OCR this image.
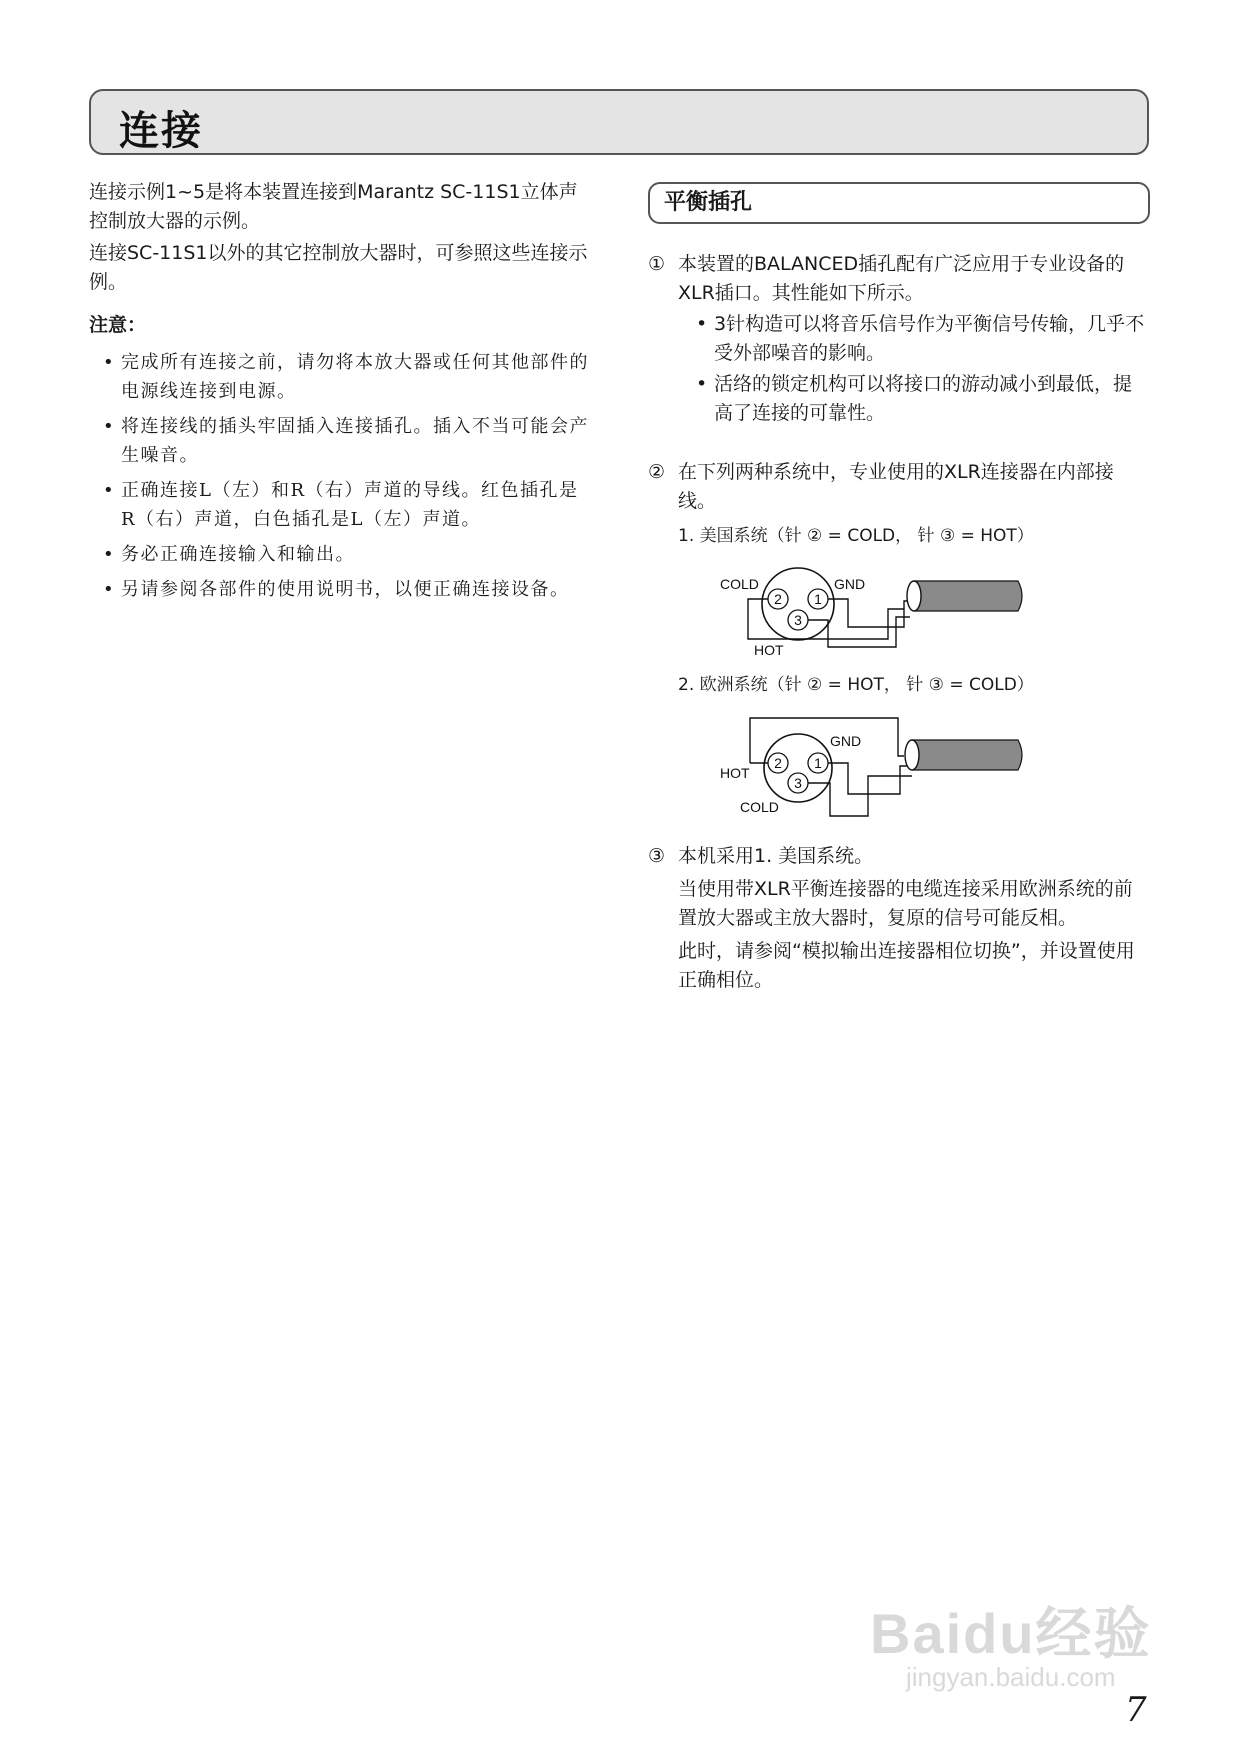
连接

连接示例1~5是将本装置连接到Marantz SC-11S1立体声控制放大器的示例。

连接SC-11S1以外的其它控制放大器时，可参照这些连接示例。

注意：
• 完成所有连接之前，请勿将本放大器或任何其他部件的电源线连接到电源。
• 将连接线的插头牢固插入连接插孔。插入不当可能会产生噪音。
• 正确连接L（左）和R（右）声道的导线。红色插孔是R（右）声道，白色插孔是L（左）声道。
• 务必正确连接输入和输出。
• 另请参阅各部件的使用说明书，以便正确连接设备。
平衡插孔
① 本装置的BALANCED插孔配有广泛应用于专业设备的XLR插口。其性能如下所示。
• 3针构造可以将音乐信号作为平衡信号传输，几乎不受外部噪音的影响。
• 活络的锁定机构可以将接口的游动减小到最低，提高了连接的可靠性。
② 在下列两种系统中，专业使用的XLR连接器在内部接线。
1. 美国系统（针 ② = COLD， 针 ③ = HOT）
2 1
3
COLD	GND
HOT
2. 欧洲系统（针 ② = HOT， 针 ③ = COLD）
2 1
3
HOT
GND
COLD
③ 本机采用1. 美国系统。

当使用带XLR平衡连接器的电缆连接采用欧洲系统的前置放大器或主放大器时，复原的信号可能反相。

此时，请参阅“模拟输出连接器相位切换”，并设置使用正确相位。

Baidu经验
jingyan.baidu.com
7
